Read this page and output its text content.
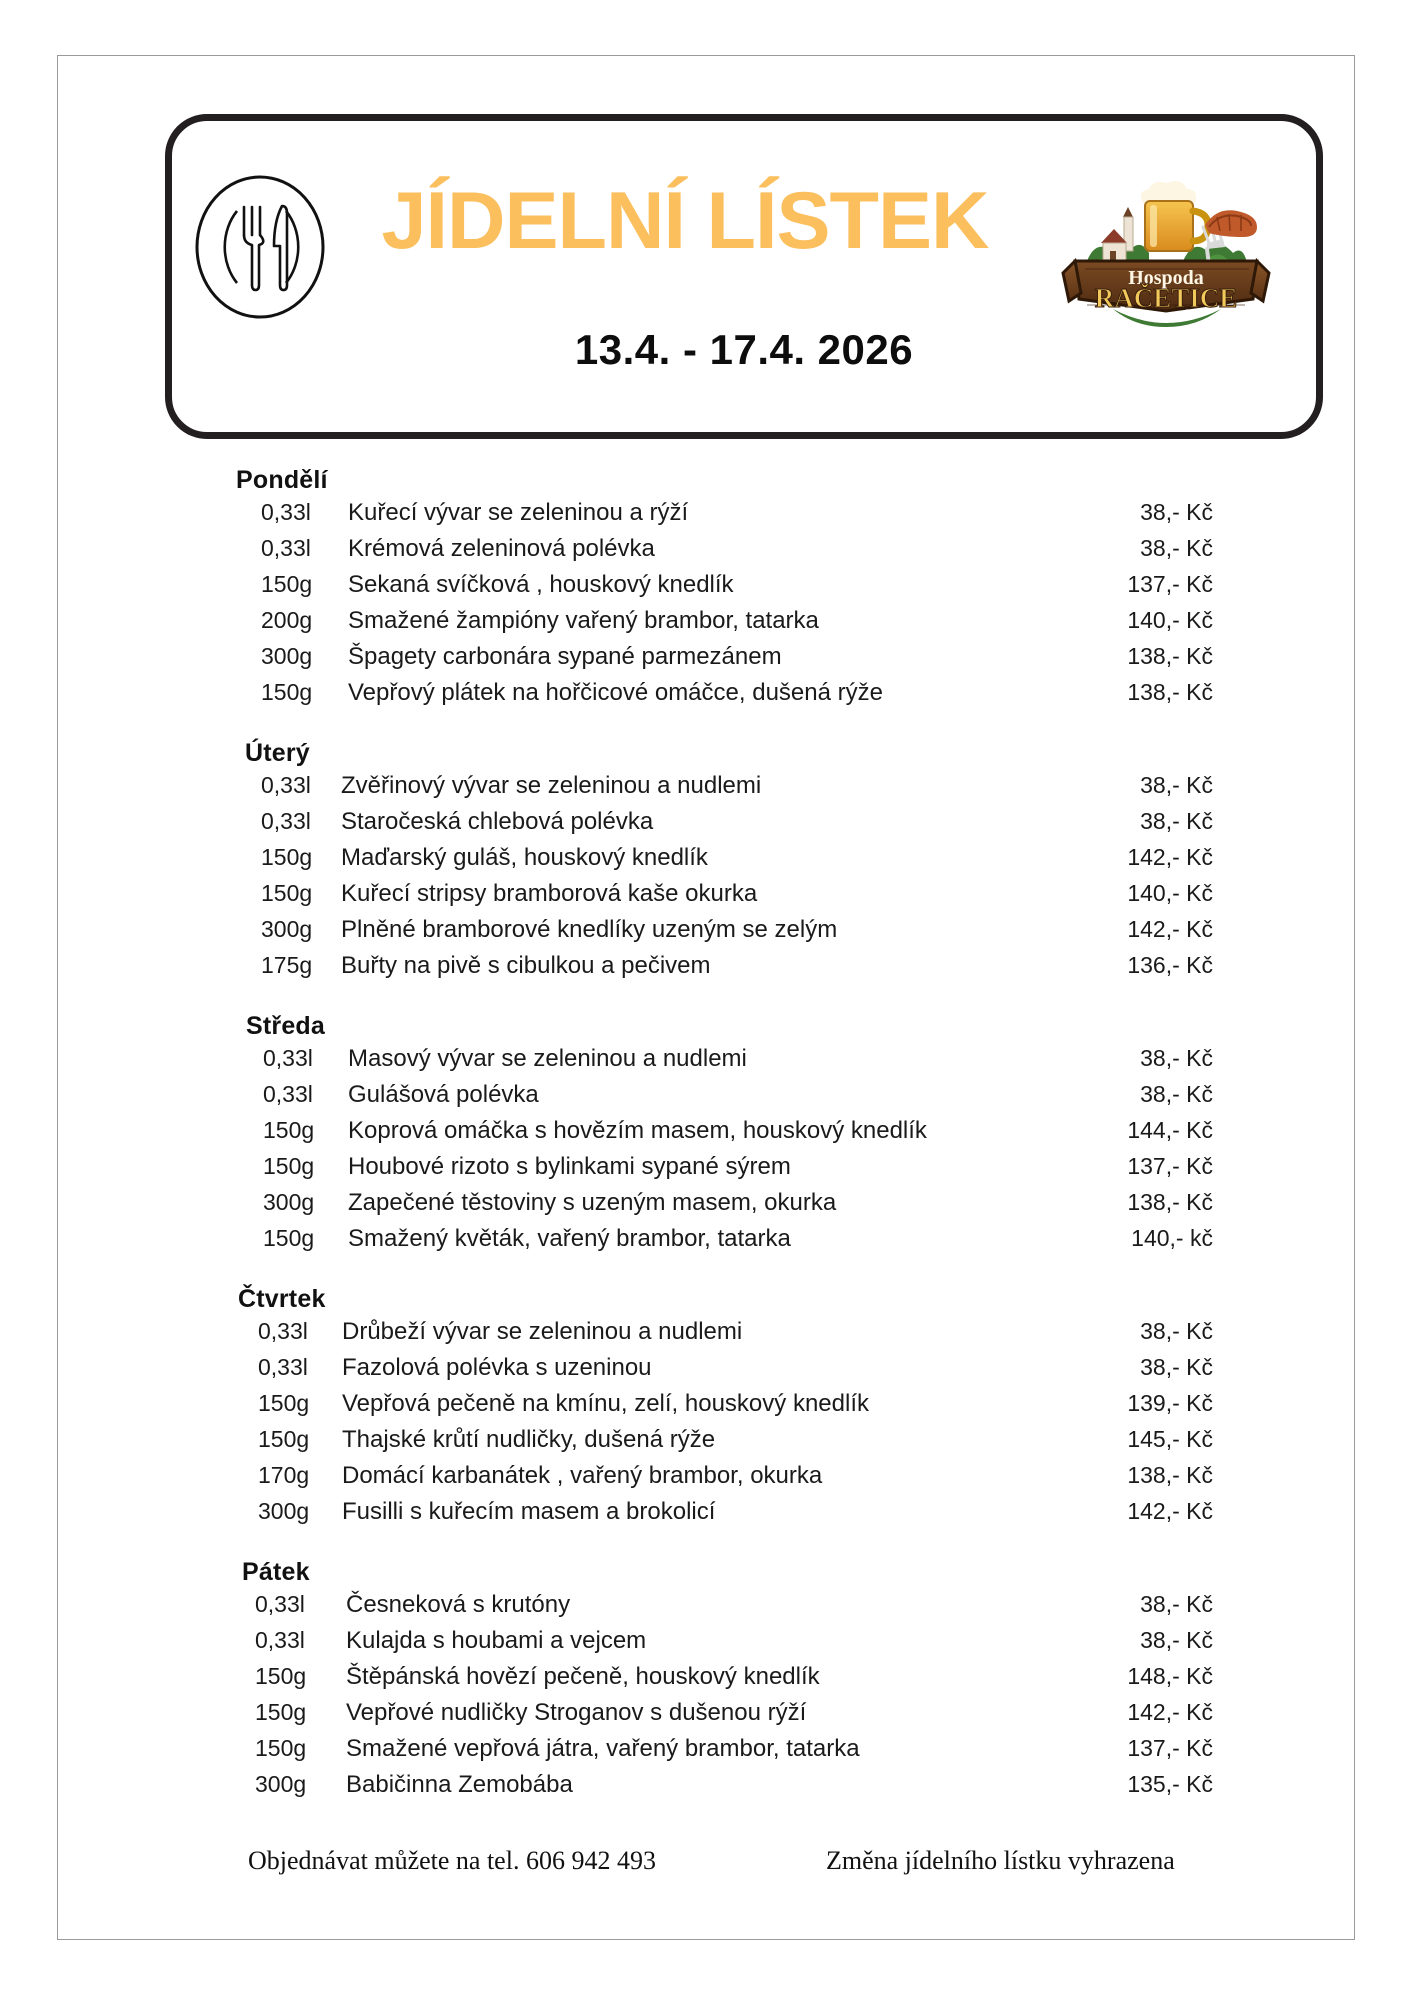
JÍDELNÍ LÍSTEK
Hospoda
RAČETICE
13.4. - 17.4. 2026
Pondělí
0,33l	Kuřecí vývar se zeleninou a rýží	38,- Kč
0,33l	Krémová zeleninová polévka	38,- Kč
150g	Sekaná svíčková , houskový knedlík	137,- Kč
200g	Smažené žampióny vařený brambor, tatarka	140,- Kč
300g	Špagety carbonára sypané parmezánem	138,- Kč
150g	Vepřový plátek na hořčicové omáčce, dušená rýže	138,- Kč
Úterý
0,33l	Zvěřinový vývar se zeleninou a nudlemi	38,- Kč
0,33l	Staročeská chlebová polévka	38,- Kč
150g	Maďarský guláš, houskový knedlík	142,- Kč
150g	Kuřecí stripsy bramborová kaše okurka	140,- Kč
300g	Plněné bramborové knedlíky uzeným se zelým	142,- Kč
175g	Buřty na pivě s cibulkou a pečivem	136,- Kč
Středa
0,33l	Masový vývar se zeleninou a nudlemi	38,- Kč
0,33l	Gulášová polévka	38,- Kč
150g	Koprová omáčka s hovězím masem, houskový knedlík	144,- Kč
150g	Houbové rizoto s bylinkami sypané sýrem	137,- Kč
300g	Zapečené těstoviny s uzeným masem, okurka	138,- Kč
150g	Smažený květák, vařený brambor, tatarka	140,- kč
Čtvrtek
0,33l	Drůbeží vývar se zeleninou a nudlemi	38,- Kč
0,33l	Fazolová polévka s uzeninou	38,- Kč
150g	Vepřová pečeně na kmínu, zelí, houskový knedlík	139,- Kč
150g	Thajské krůtí nudličky, dušená rýže	145,- Kč
170g	Domácí karbanátek , vařený brambor, okurka	138,- Kč
300g	Fusilli s kuřecím masem a brokolicí	142,- Kč
Pátek
0,33l	Česneková s krutóny	38,- Kč
0,33l	Kulajda s houbami a vejcem	38,- Kč
150g	Štěpánská hovězí pečeně, houskový knedlík	148,- Kč
150g	Vepřové nudličky Stroganov s dušenou rýží	142,- Kč
150g	Smažené vepřová játra, vařený brambor, tatarka	137,- Kč
300g	Babičinna Zemobába	135,- Kč
Objednávat můžete na tel. 606 942 493	Změna jídelního lístku vyhrazena
